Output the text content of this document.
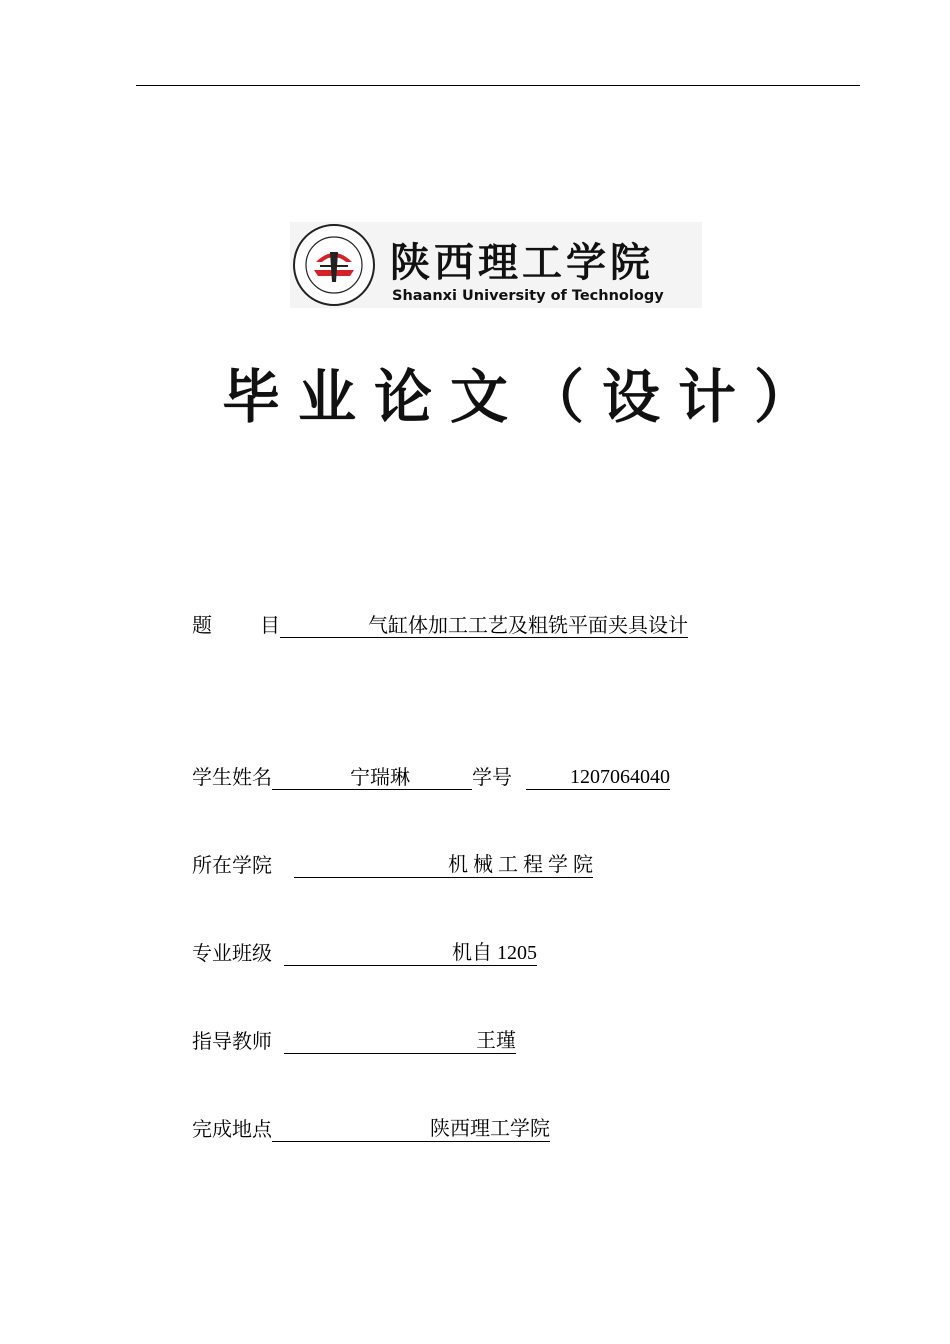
陕西理工学院
Shaanxi University of Technology
毕业论文（设计）
题目	气缸体加工工艺及粗铣平面夹具设计
学生姓名	宁瑞琳	学号	1207064040
所在学院	机 械 工 程 学 院
专业班级	机自 1205
指导教师	王瑾
完成地点	陕西理工学院
